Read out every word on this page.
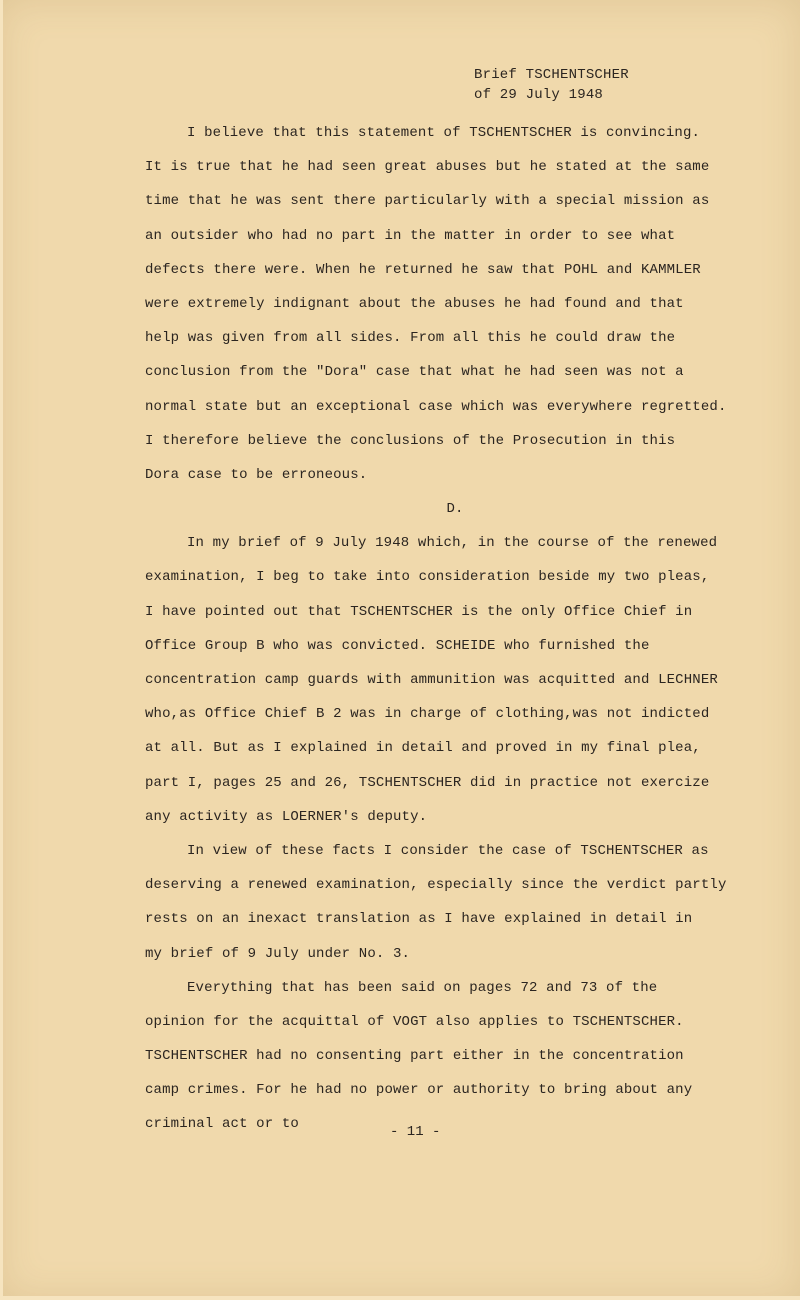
Brief TSCHENTSCHER
of 29 July 1948
I believe that this statement of TSCHENTSCHER is convincing.
It is true that he had seen great abuses but he stated at the same
time that he was sent there particularly with a special mission as
an outsider who had no part in the matter in order to see what
defects there were. When he returned he saw that POHL and KAMMLER
were extremely indignant about the abuses he had found and that
help was given from all sides. From all this he could draw the
conclusion from the "Dora" case that what he had seen was not a
normal state but an exceptional case which was everywhere regretted.
I therefore believe the conclusions of the Prosecution in this
Dora case to be erroneous.
D.
In my brief of 9 July 1948 which, in the course of the renewed
examination, I beg to take into consideration beside my two pleas,
I have pointed out that TSCHENTSCHER is the only Office Chief in
Office Group B who was convicted. SCHEIDE who furnished the
concentration camp guards with ammunition was acquitted and LECHNER
who,as Office Chief B 2 was in charge of clothing,was not indicted
at all. But as I explained in detail and proved in my final plea,
part I, pages 25 and 26, TSCHENTSCHER did in practice not exercize
any activity as LOERNER's deputy.
In view of these facts I consider the case of TSCHENTSCHER as
deserving a renewed examination, especially since the verdict partly
rests on an inexact translation as I have explained in detail in
my brief of 9 July under No. 3.
Everything that has been said on pages 72 and 73 of the
opinion for the acquittal of VOGT also applies to TSCHENTSCHER.
TSCHENTSCHER had no consenting part either in the concentration
camp crimes. For he had no power or authority to bring about any
criminal act or to	- 11 -
